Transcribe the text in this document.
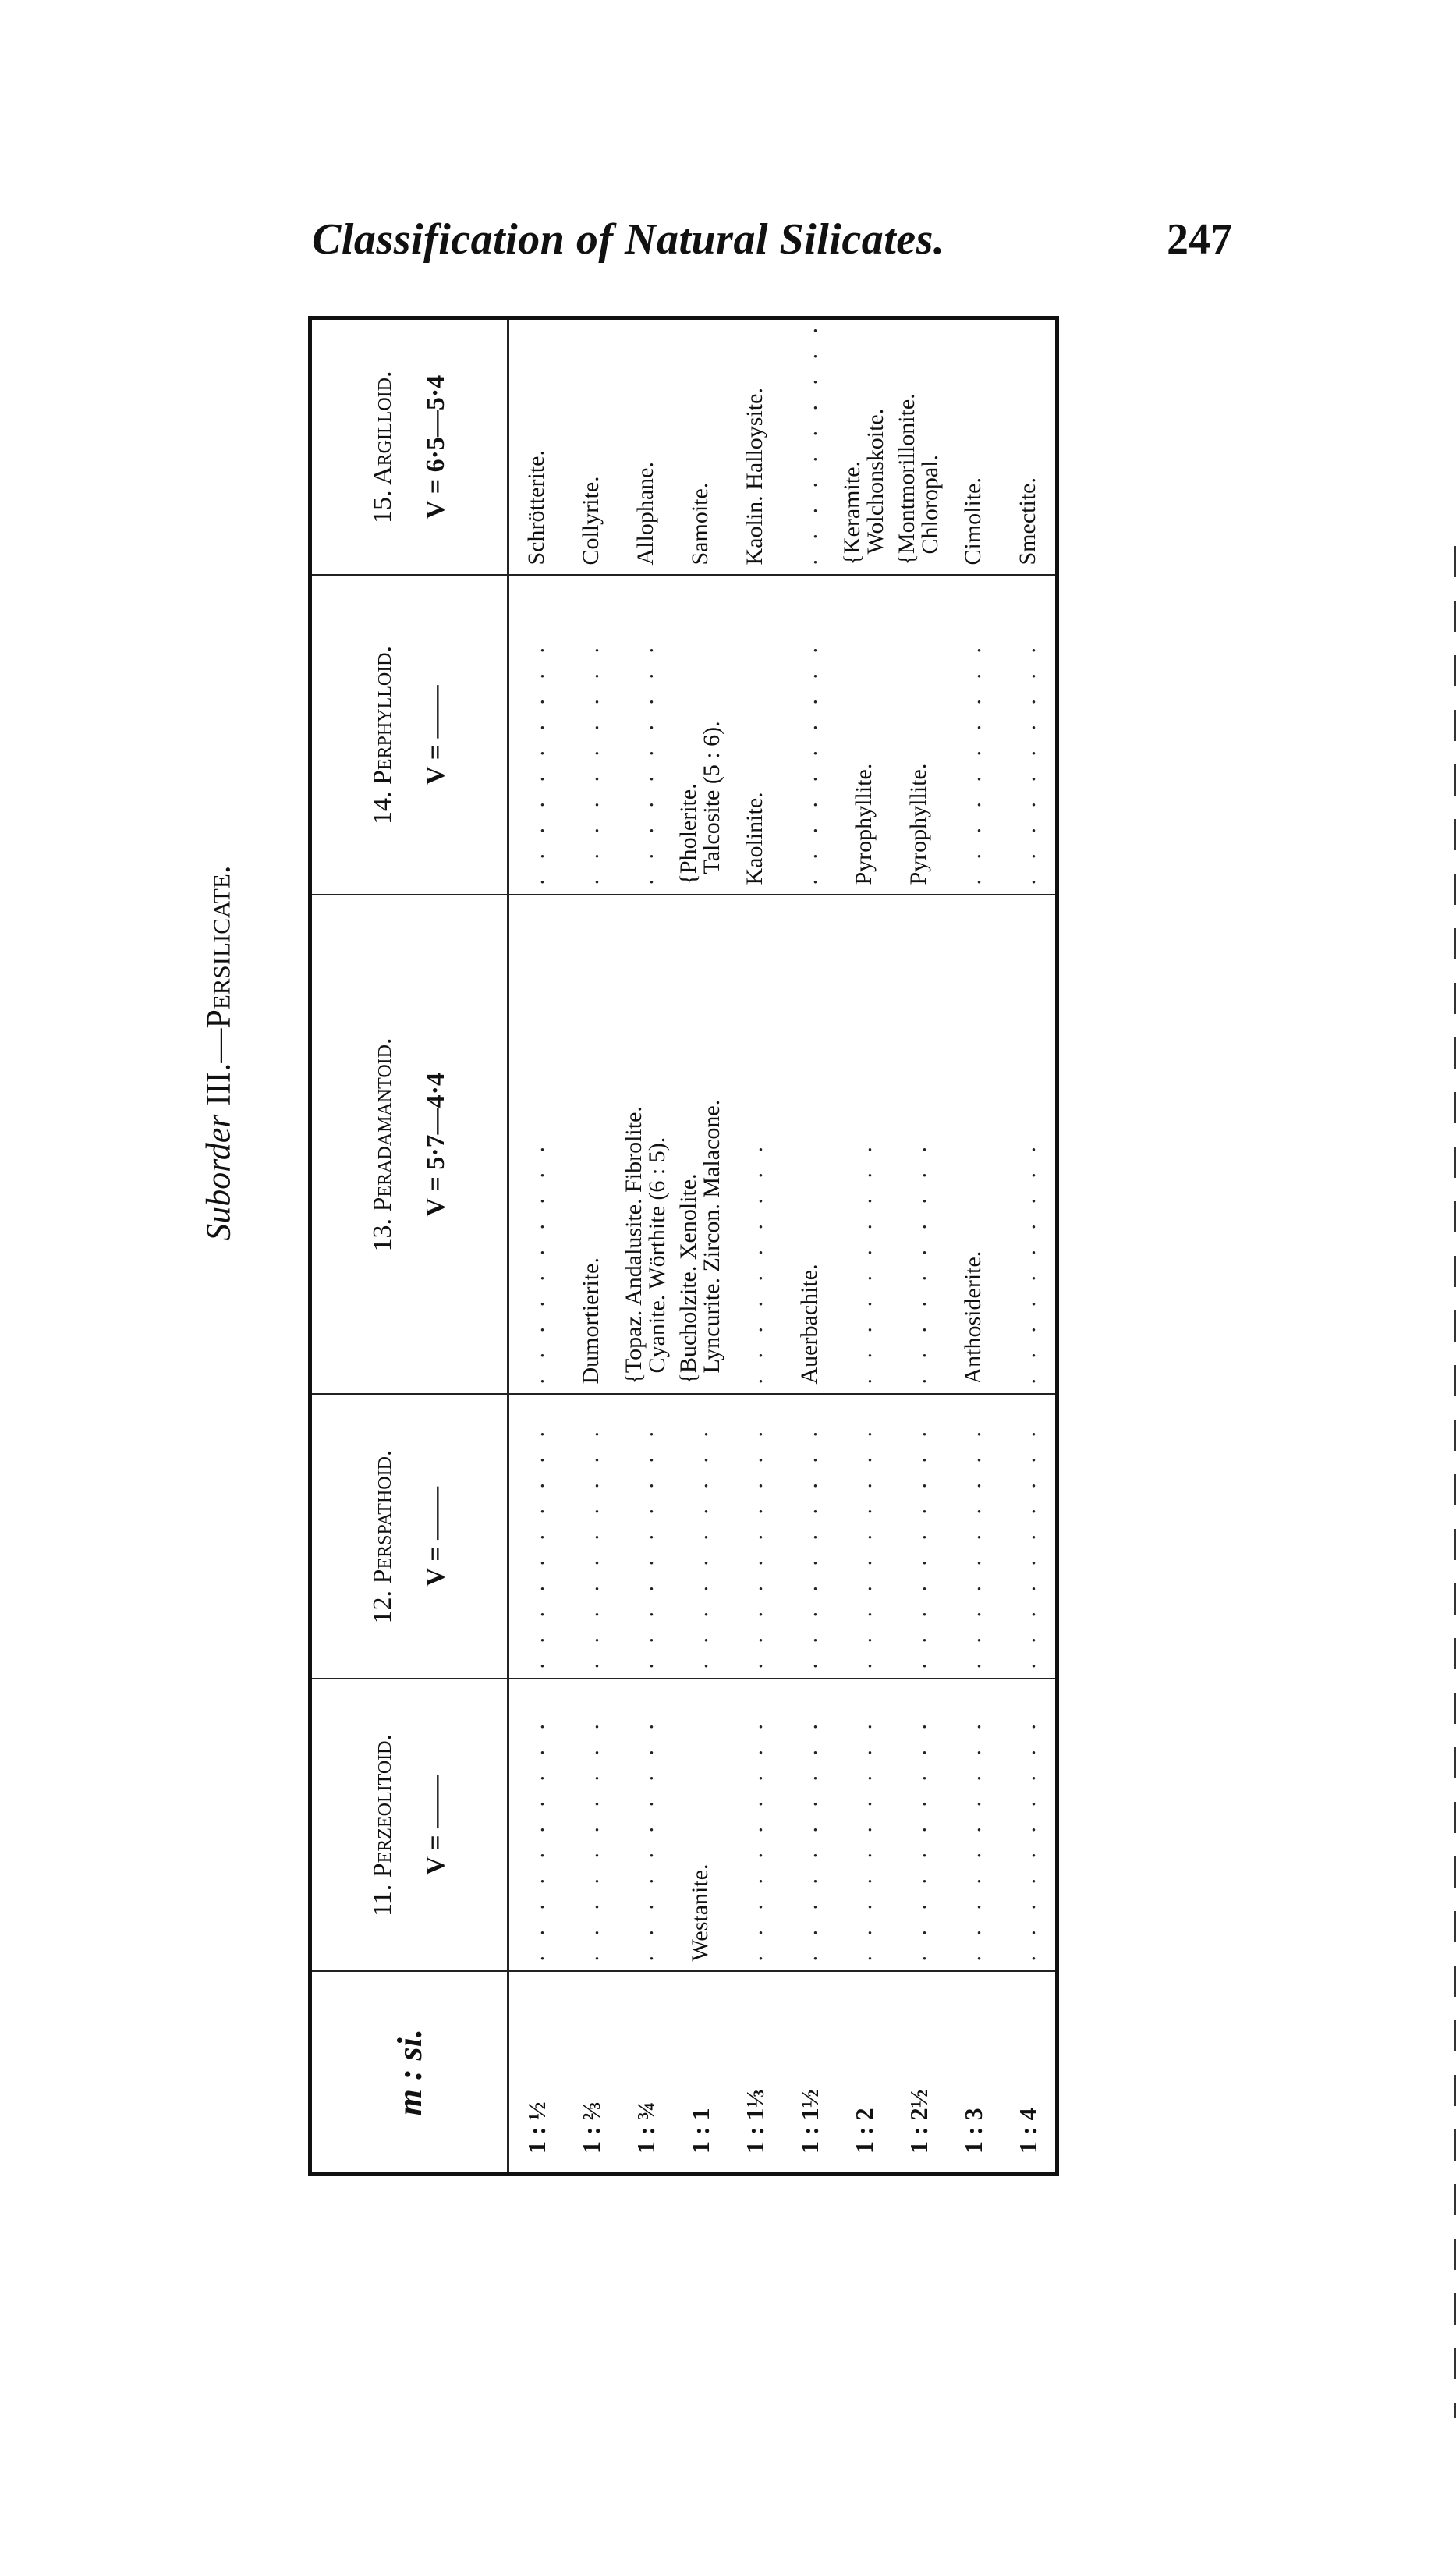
Classification of Natural Silicates.	247
Suborder III.—Persilicate.
m : si.	11. Perzeolitoid. V = ——	12. Perspathoid. V = ——	13. Peradamantoid. V = 5·7—4·4	14. Perphylloid. V = ——	15. Argilloid. V = 6·5—5·4

1 : ½	. . . . . . . . . .	. . . . . . . . . .	. . . . . . . . . .	. . . . . . . . . .	Schrötterite.

1 : ⅔	. . . . . . . . . .	. . . . . . . . . .	Dumortierite.	. . . . . . . . . .	Collyrite.

1 : ¾	. . . . . . . . . .	. . . . . . . . . .	{Topaz. Andalusite. Fibrolite.
Cyanite. Wörthite (6 : 5).	. . . . . . . . . .	Allophane.

1 : 1	Westanite.	. . . . . . . . . .	{Bucholzite. Xenolite.
Lyncurite. Zircon. Malacone.	{Pholerite.
Talcosite (5 : 6).	Samoite.

1 : 1⅓	. . . . . . . . . .	. . . . . . . . . .	. . . . . . . . . .	Kaolinite.	Kaolin. Halloysite.

1 : 1½	. . . . . . . . . .	. . . . . . . . . .	Auerbachite.	. . . . . . . . . .	. . . . . . . . . .
1 : 2	. . . . . . . . . .	. . . . . . . . . .	. . . . . . . . . .	Pyrophyllite.	{Keramite.
Wolchonskoite.

1 : 2½	. . . . . . . . . .	. . . . . . . . . .	. . . . . . . . . .	Pyrophyllite.	{Montmorillonite.
Chloropal.

1 : 3	. . . . . . . . . .	. . . . . . . . . .	Anthosiderite.	. . . . . . . . . .	Cimolite.

1 : 4	. . . . . . . . . .	. . . . . . . . . .	. . . . . . . . . .	. . . . . . . . . .	Smectite.
